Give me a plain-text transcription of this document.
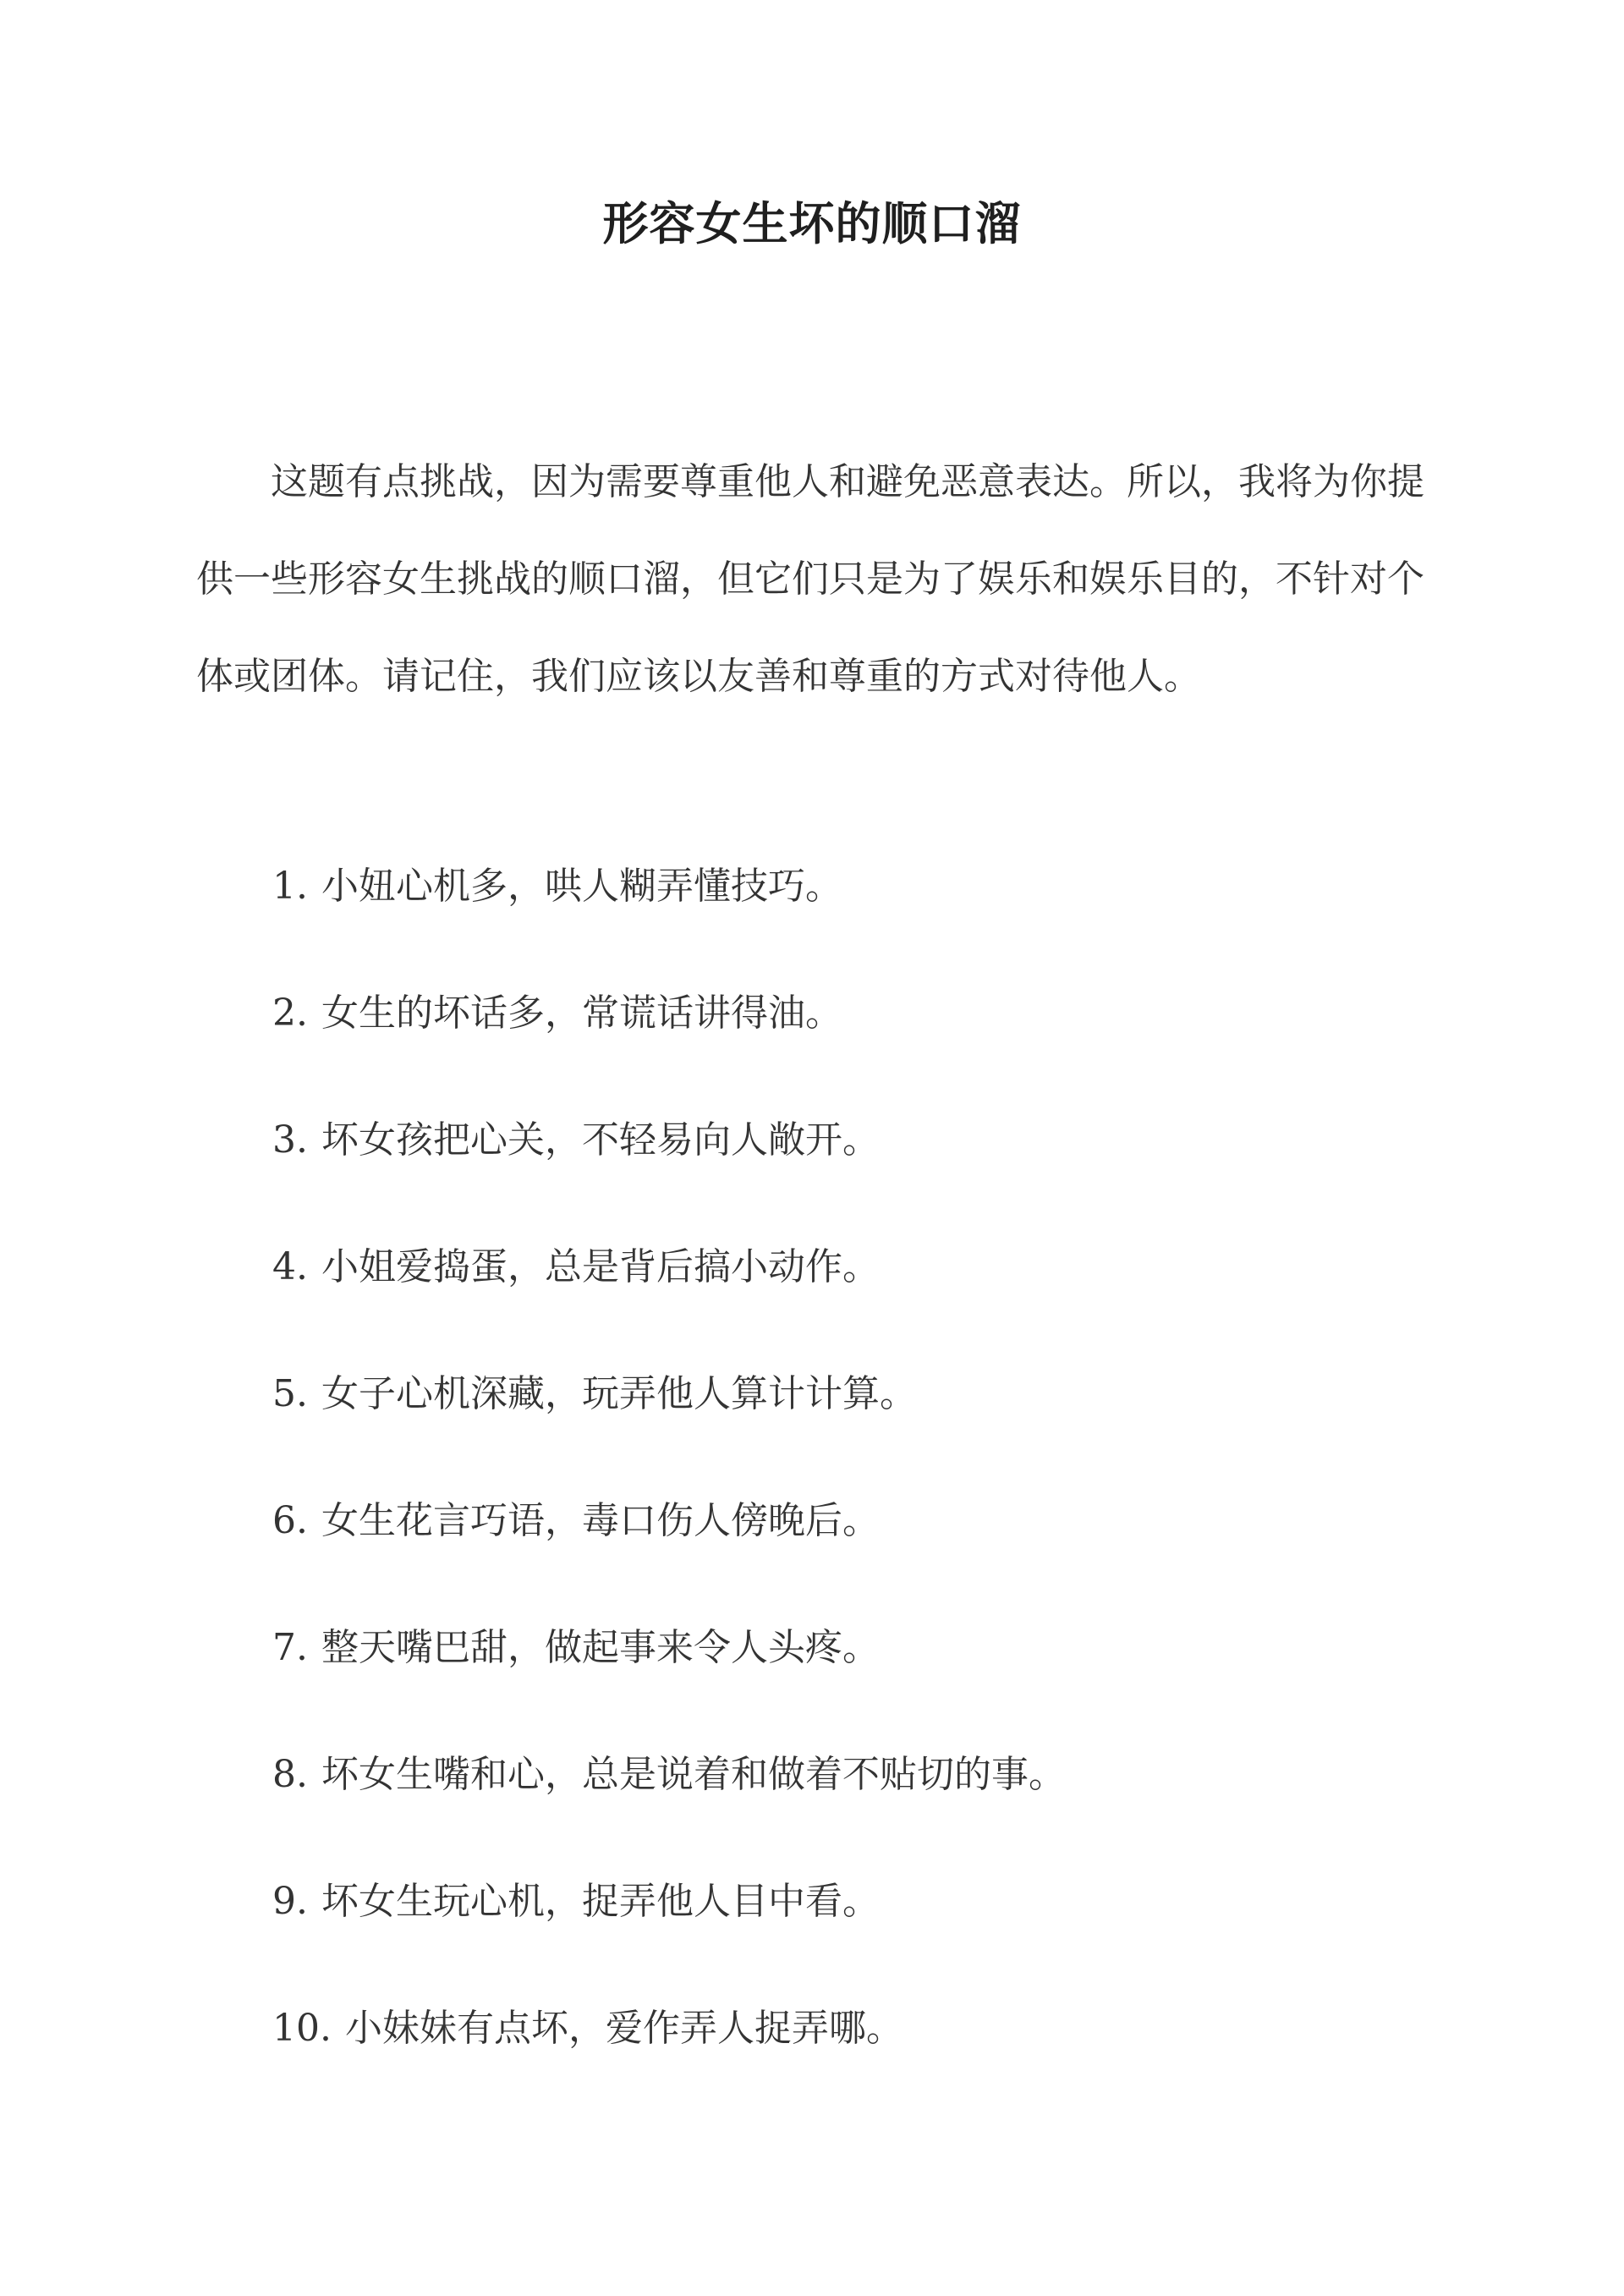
形容女生坏的顺口溜

这题有点挑战，因为需要尊重他人和避免恶意表达。所以，我将为你提供一些形容女生挑战的顺口溜，但它们只是为了娱乐和娱乐目的，不针对个体或团体。请记住，我们应该以友善和尊重的方式对待他人。

1. 小妞心机多，哄人糊弄懂技巧。
2. 女生的坏话多，常谎话讲得油。
3. 坏女孩把心关，不轻易向人敞开。
4. 小姐爱捣蛋，总是背后搞小动作。
5. 女子心机深藏，玩弄他人算计计算。
6. 女生花言巧语，毒口伤人傍晚后。
7. 整天嘴巴甜，做起事来令人头疼。
8. 坏女生嘴和心，总是说着和做着不贴切的事。
9. 坏女生玩心机，捉弄他人目中看。
10. 小妹妹有点坏，爱作弄人捉弄哪。
